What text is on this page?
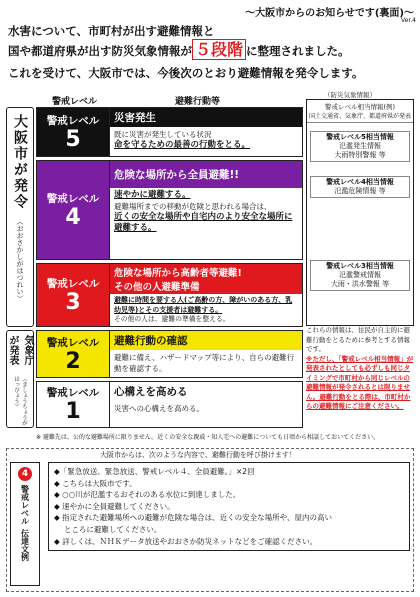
～大阪市からのお知らせです(裏面)～
Ver.4
水害について、市町村が出す避難情報と
国や都道府県が出す防災気象情報が ５段階 に整理されました。
これを受けて、大阪市では、今後次のとおり避難情報を発令します。
警戒レベル	避難行動等
（防災気象情報）
大阪市が発令
（おおさかしがはつれい）
気象庁が発表
（きしょうちょうがはっぴょう）
警戒レベル
5
災害発生
既に災害が発生している状況
命を守るための最善の行動をとる。
警戒レベル
4
危険な場所から全員避難!!
速やかに避難する。
避難場所までの移動が危険と思われる場合は、
近くの安全な場所や自宅内のより安全な場所に避難する。
警戒レベル
3
危険な場所から高齢者等避難!
その他の人避難準備
避難に時間を要する人(ご高齢の方、障がいのある方、乳幼児等)とその支援者は避難する。
その他の人は、避難の準備を整える。
警戒レベル
2
避難行動の確認
避難に備え、ハザードマップ等により、自らの避難行動を確認する。
警戒レベル
1
心構えを高める
災害への心構えを高める。
警戒レベル相当情報(例)
国土交通省、気象庁、都道府県が発表
警戒レベル5相当情報
氾濫発生情報
大雨特別警報 等
警戒レベル4相当情報
氾濫危険情報 等
警戒レベル3相当情報
氾濫警戒情報
大雨・洪水警報 等
これらの情報は、住民が自主的に避難行動をとるために参考とする情報です。
※ただし、「警戒レベル相当情報」が発表されたとしても必ずしも同じタイミングで市町村から同じレベルの避難情報が発令されるとは限りません。避難行動をとる際は、市町村からの避難情報にご注意ください。
※ 避難先は、公的な避難場所に限りません。近くの安全な親戚・知人宅への避難についても日頃から相談しておいてください。
大阪市からは、次のような内容で、避難行動を呼び掛けます！
4
警戒レベル
伝達文例
◆「緊急放送、緊急放送、警戒レベル４、全員避難。」×2回
◆ こちらは大阪市です。
◆ ○○川が氾濫するおそれのある水位に到達しました。
◆ 速やかに全員避難してください。
◆ 指定された避難場所への避難が危険な場合は、近くの安全な場所や、屋内の高い
　 ところに避難してください。
◆ 詳しくは、ＮＨＫデータ放送やおおさか防災ネットなどをご確認ください。
